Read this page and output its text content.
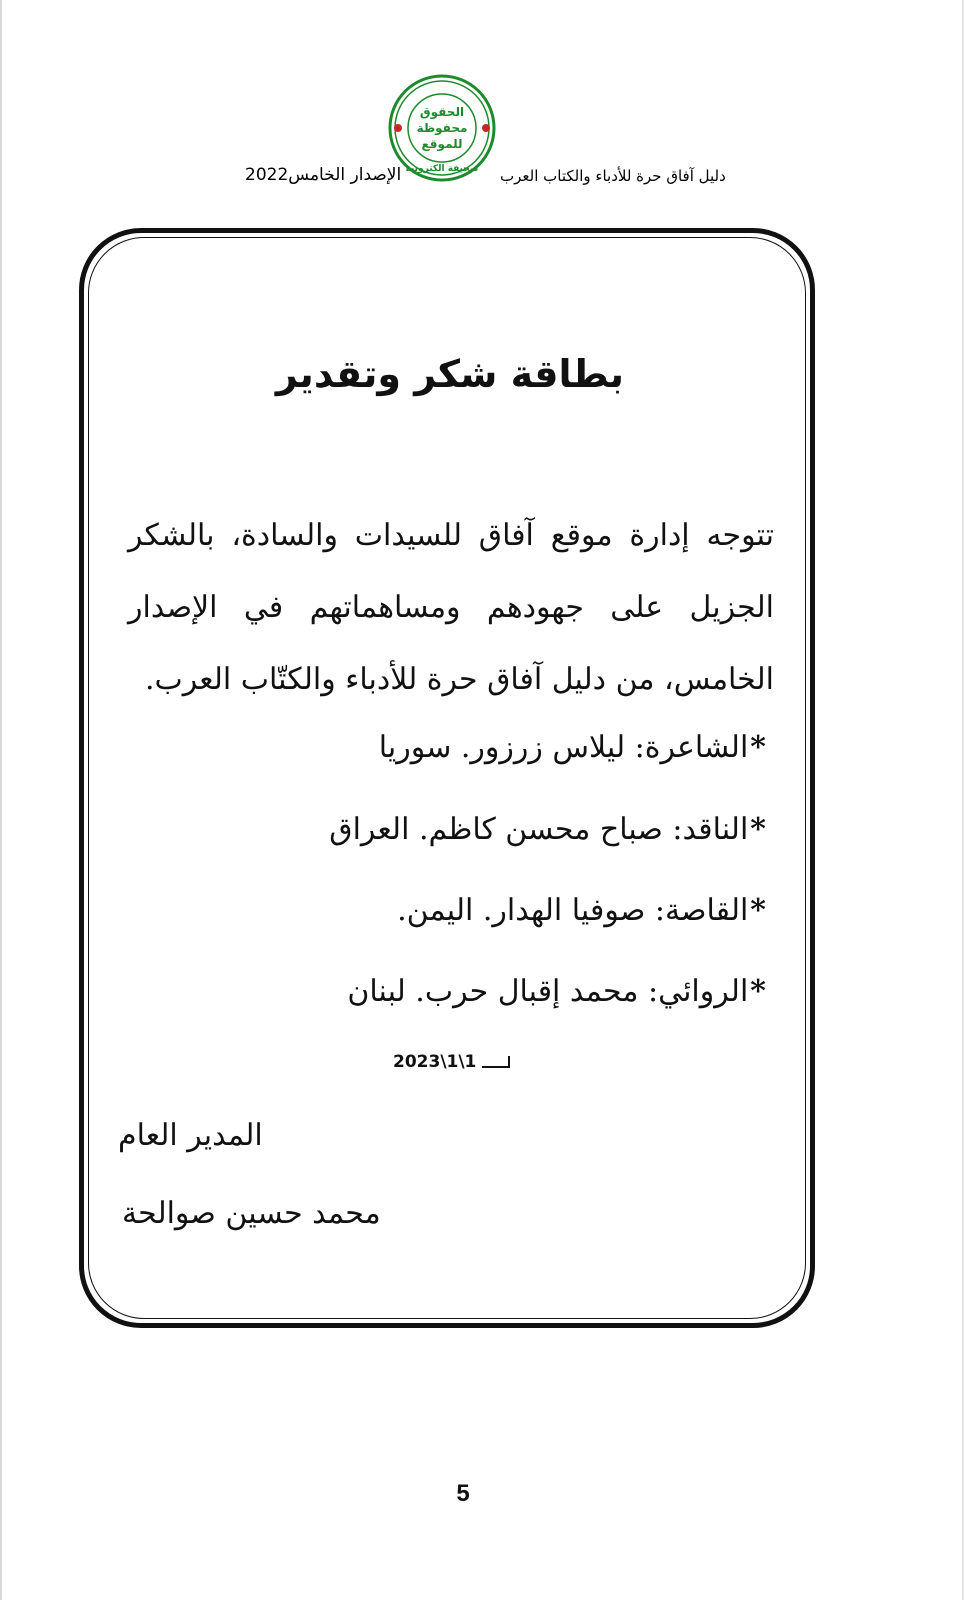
الحقوق
محفوظة
للموقع
صحيفة الكترونية
الإصدار الخامس2022	دليل آفاق حرة للأدباء والكتاب العرب
بطاقة شكر وتقدير
تتوجه إدارة موقع آفاق للسيدات والسادة، بالشكر الجزيل على جهودهم ومساهماتهم في الإصدار الخامس، من دليل آفاق حرة للأدباء والكتّاب العرب.
*الشاعرة: ليلاس زرزور. سوريا
*الناقد: صباح محسن كاظم. العراق
*القاصة: صوفيا الهدار. اليمن.
*الروائي: محمد إقبال حرب. لبنان
2023\1\1
المدير العام
محمد حسين صوالحة
5
